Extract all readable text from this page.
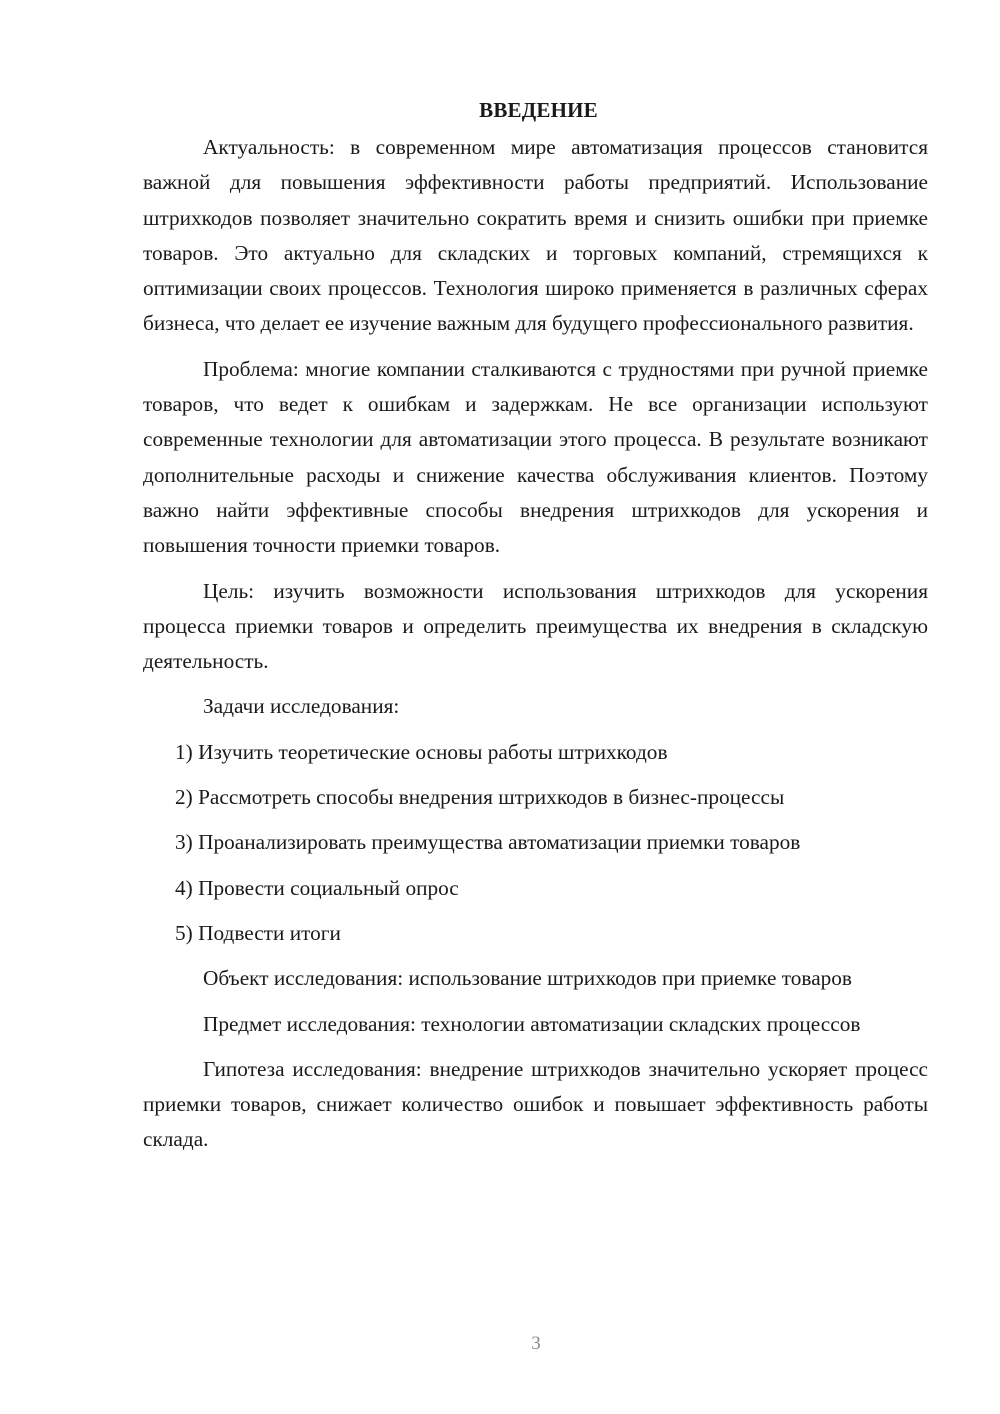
ВВЕДЕНИЕ

Актуальность: в современном мире автоматизация процессов становится важной для повышения эффективности работы предприятий. Использование штрихкодов позволяет значительно сократить время и снизить ошибки при приемке товаров. Это актуально для складских и торговых компаний, стремящихся к оптимизации своих процессов. Технология широко применяется в различных сферах бизнеса, что делает ее изучение важным для будущего профессионального развития.

Проблема: многие компании сталкиваются с трудностями при ручной приемке товаров, что ведет к ошибкам и задержкам. Не все организации используют современные технологии для автоматизации этого процесса. В результате возникают дополнительные расходы и снижение качества обслуживания клиентов. Поэтому важно найти эффективные способы внедрения штрихкодов для ускорения и повышения точности приемки товаров.

Цель: изучить возможности использования штрихкодов для ускорения процесса приемки товаров и определить преимущества их внедрения в складскую деятельность.

Задачи исследования:

1) Изучить теоретические основы работы штрихкодов
2) Рассмотреть способы внедрения штрихкодов в бизнес-процессы
3) Проанализировать преимущества автоматизации приемки товаров
4) Провести социальный опрос
5) Подвести итоги

Объект исследования: использование штрихкодов при приемке товаров

Предмет исследования: технологии автоматизации складских процессов

Гипотеза исследования: внедрение штрихкодов значительно ускоряет процесс приемки товаров, снижает количество ошибок и повышает эффективность работы склада.

3
